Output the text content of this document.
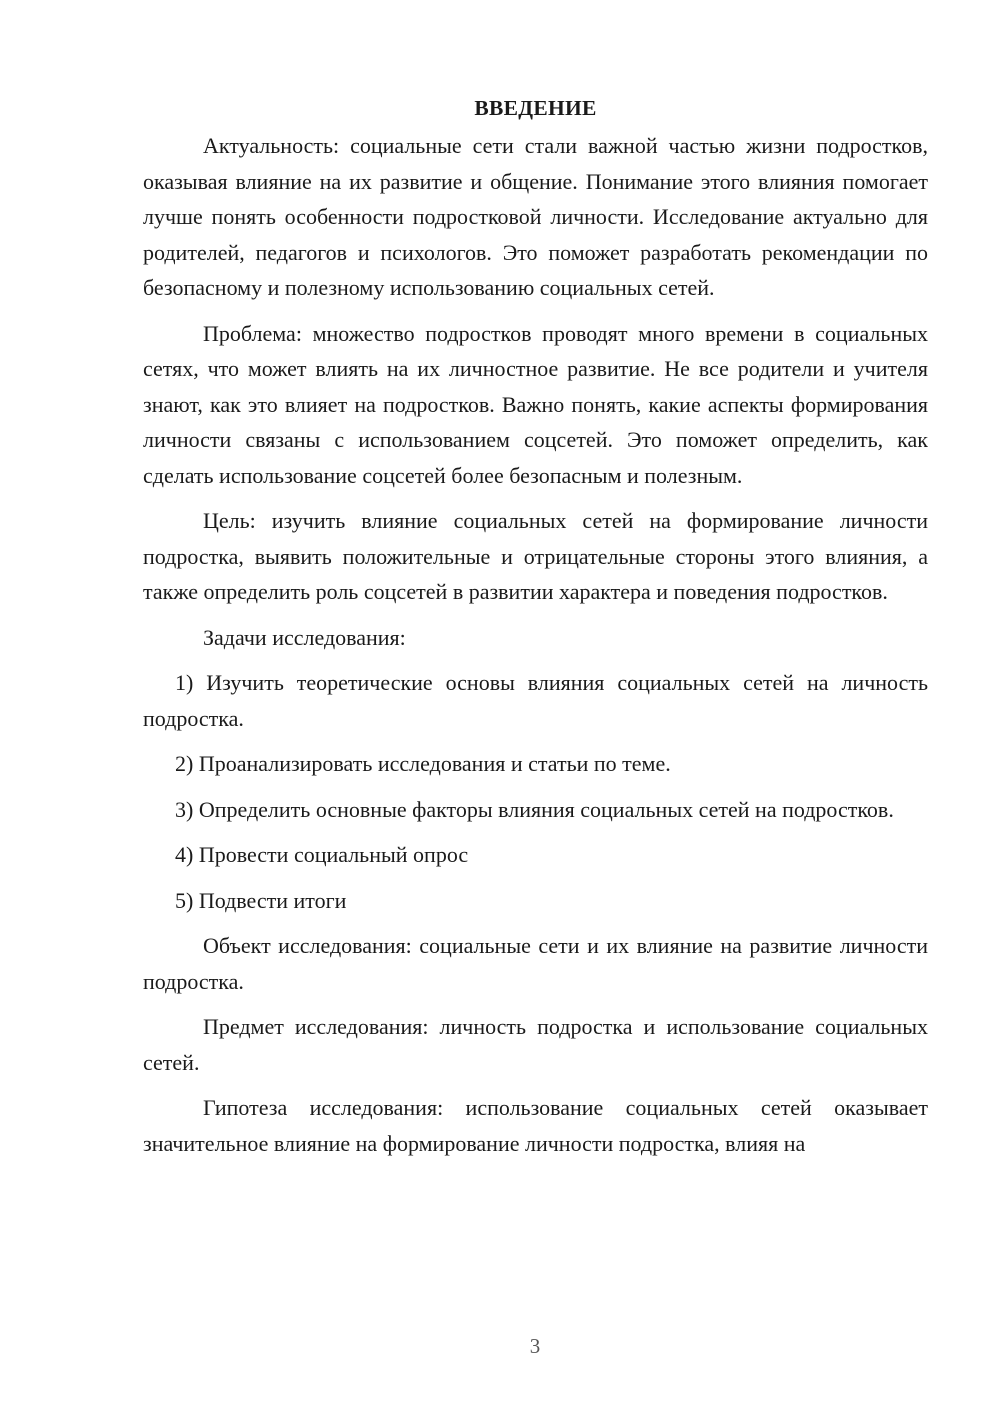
ВВЕДЕНИЕ

Актуальность: социальные сети стали важной частью жизни подростков, оказывая влияние на их развитие и общение. Понимание этого влияния помогает лучше понять особенности подростковой личности. Исследование актуально для родителей, педагогов и психологов. Это поможет разработать рекомендации по безопасному и полезному использованию социальных сетей.

Проблема: множество подростков проводят много времени в социальных сетях, что может влиять на их личностное развитие. Не все родители и учителя знают, как это влияет на подростков. Важно понять, какие аспекты формирования личности связаны с использованием соцсетей. Это поможет определить, как сделать использование соцсетей более безопасным и полезным.

Цель: изучить влияние социальных сетей на формирование личности подростка, выявить положительные и отрицательные стороны этого влияния, а также определить роль соцсетей в развитии характера и поведения подростков.

Задачи исследования:

1) Изучить теоретические основы влияния социальных сетей на личность подростка.

2) Проанализировать исследования и статьи по теме.

3) Определить основные факторы влияния социальных сетей на подростков.

4) Провести социальный опрос

5) Подвести итоги

Объект исследования: социальные сети и их влияние на развитие личности подростка.

Предмет исследования: личность подростка и использование социальных сетей.

Гипотеза исследования: использование социальных сетей оказывает значительное влияние на формирование личности подростка, влияя на

3
